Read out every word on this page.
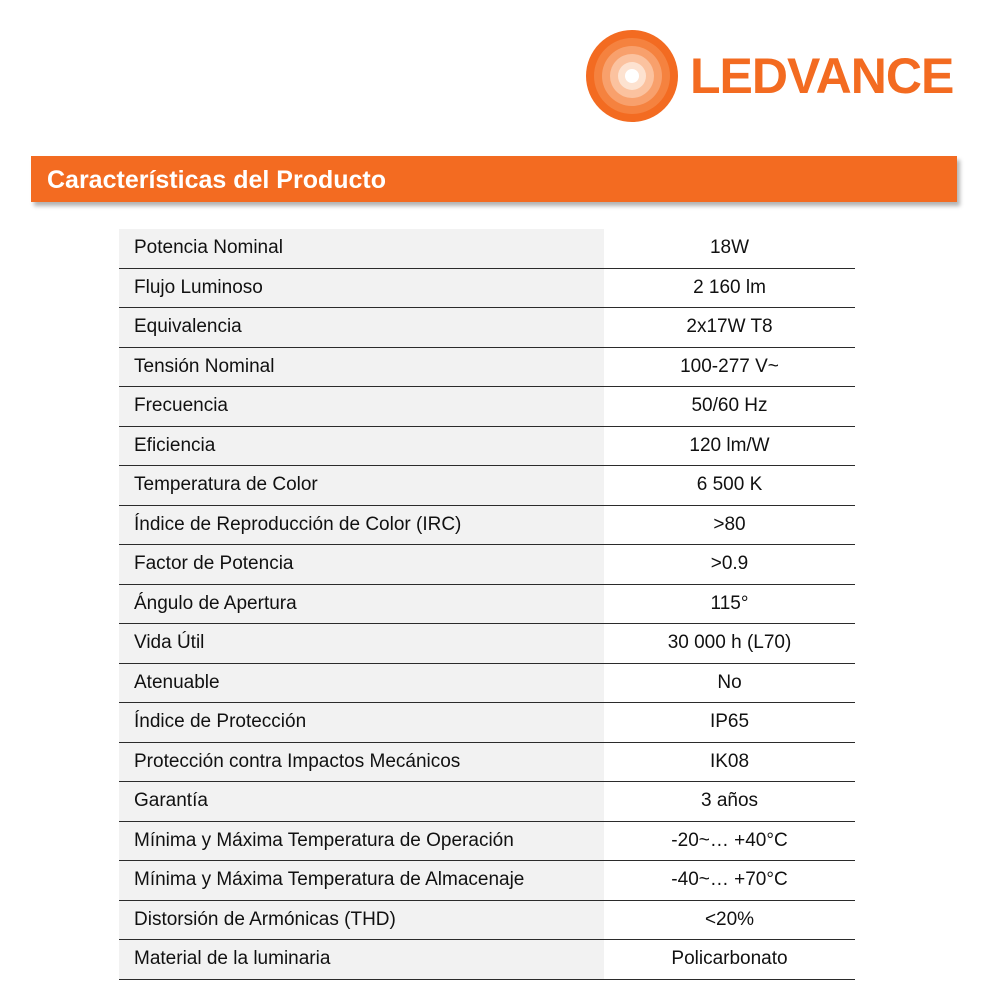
LEDVANCE
Características del Producto
Potencia Nominal	18W
Flujo Luminoso	2 160 lm
Equivalencia	2x17W T8
Tensión Nominal	100-277 V~
Frecuencia	50/60 Hz
Eficiencia	120 lm/W
Temperatura de Color	6 500 K
Índice de Reproducción de Color (IRC)	>80
Factor de Potencia	>0.9
Ángulo de Apertura	115°
Vida Útil	30 000 h (L70)
Atenuable	No
Índice de Protección	IP65
Protección contra Impactos Mecánicos	IK08
Garantía	3 años
Mínima y Máxima Temperatura de Operación	-20~… +40°C
Mínima y Máxima Temperatura de Almacenaje	-40~… +70°C
Distorsión de Armónicas (THD)	<20%
Material de la luminaria	Policarbonato
